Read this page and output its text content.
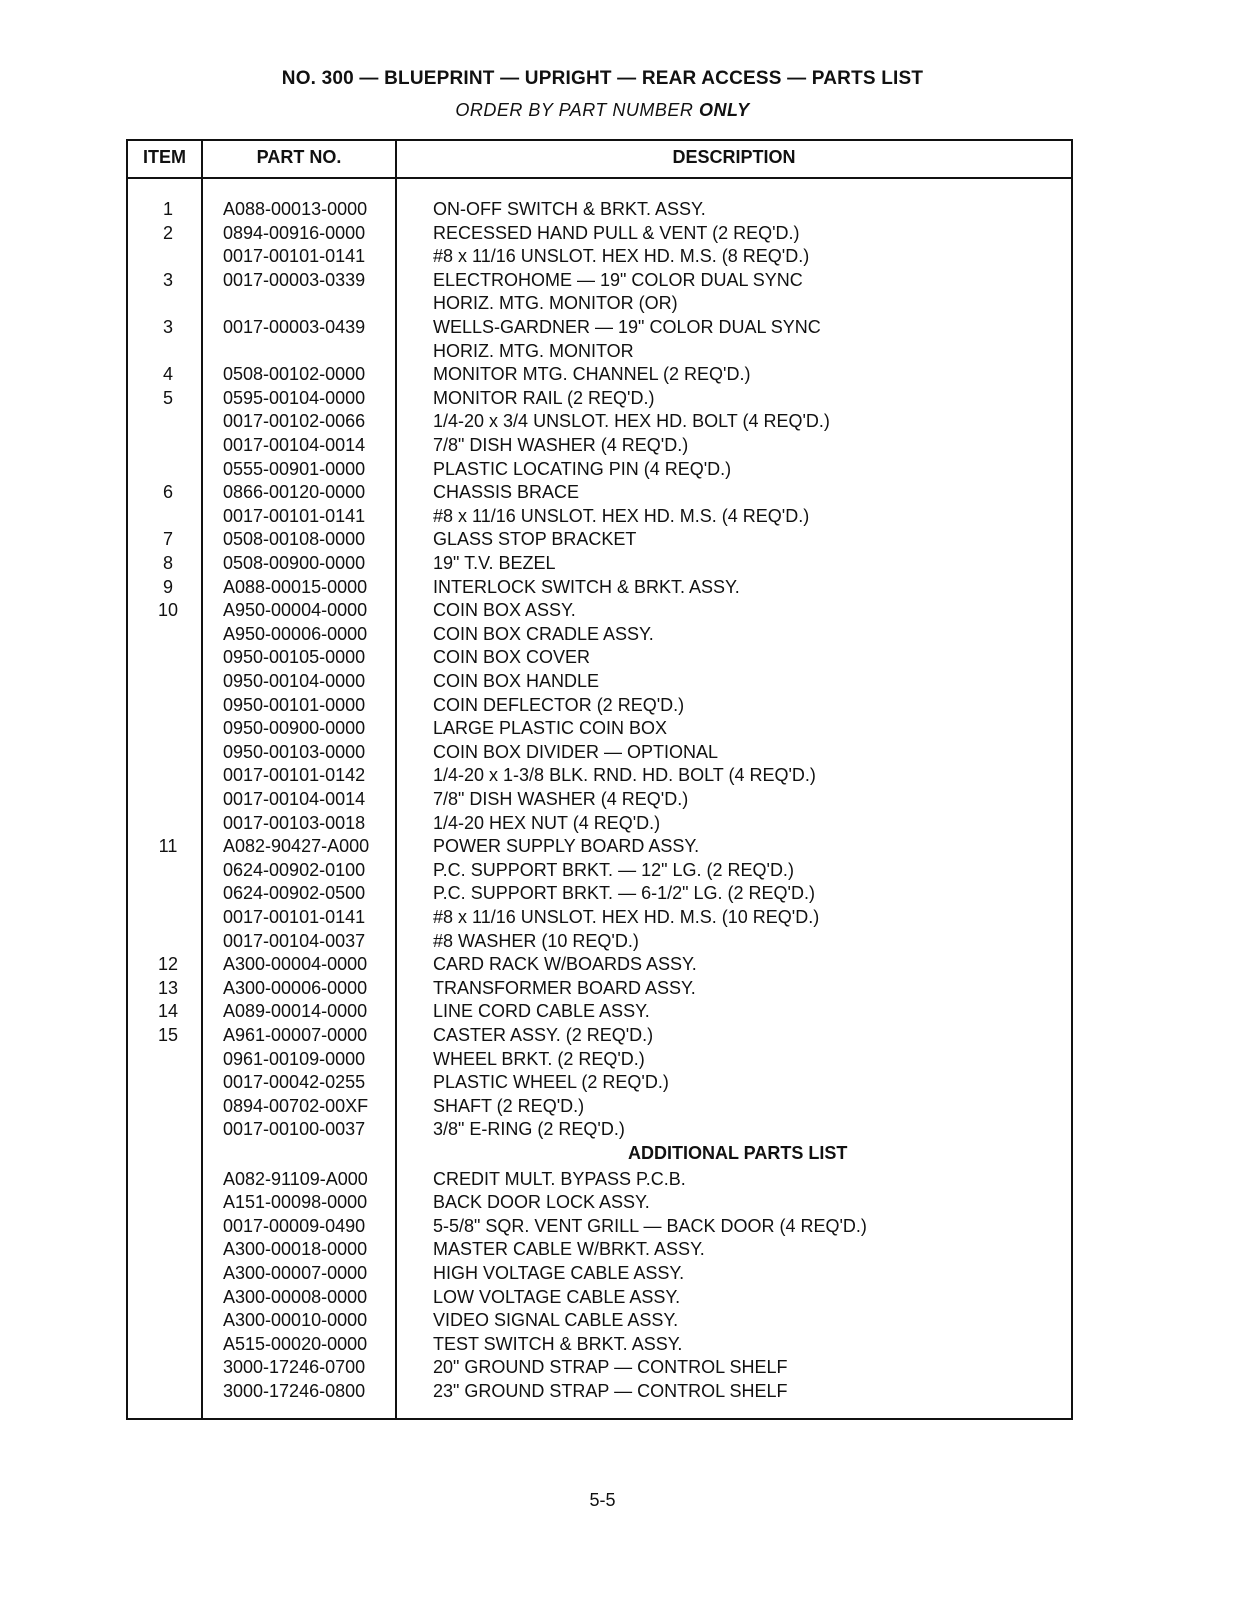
NO. 300 — BLUEPRINT — UPRIGHT — REAR ACCESS — PARTS LIST
ORDER BY PART NUMBER ONLY
ITEM	PART NO.	DESCRIPTION
1	A088-00013-0000	ON-OFF SWITCH & BRKT. ASSY.
2	0894-00916-0000	RECESSED HAND PULL & VENT (2 REQ'D.)
0017-00101-0141	#8 x 11/16 UNSLOT. HEX HD. M.S. (8 REQ'D.)
3	0017-00003-0339	ELECTROHOME — 19" COLOR DUAL SYNC
HORIZ. MTG. MONITOR (OR)
3	0017-00003-0439	WELLS-GARDNER — 19" COLOR DUAL SYNC
HORIZ. MTG. MONITOR
4	0508-00102-0000	MONITOR MTG. CHANNEL (2 REQ'D.)
5	0595-00104-0000	MONITOR RAIL (2 REQ'D.)
0017-00102-0066	1/4-20 x 3/4 UNSLOT. HEX HD. BOLT (4 REQ'D.)
0017-00104-0014	7/8" DISH WASHER (4 REQ'D.)
0555-00901-0000	PLASTIC LOCATING PIN (4 REQ'D.)
6	0866-00120-0000	CHASSIS BRACE
0017-00101-0141	#8 x 11/16 UNSLOT. HEX HD. M.S. (4 REQ'D.)
7	0508-00108-0000	GLASS STOP BRACKET
8	0508-00900-0000	19" T.V. BEZEL
9	A088-00015-0000	INTERLOCK SWITCH & BRKT. ASSY.
10	A950-00004-0000	COIN BOX ASSY.
A950-00006-0000	COIN BOX CRADLE ASSY.
0950-00105-0000	COIN BOX COVER
0950-00104-0000	COIN BOX HANDLE
0950-00101-0000	COIN DEFLECTOR (2 REQ'D.)
0950-00900-0000	LARGE PLASTIC COIN BOX
0950-00103-0000	COIN BOX DIVIDER — OPTIONAL
0017-00101-0142	1/4-20 x 1-3/8 BLK. RND. HD. BOLT (4 REQ'D.)
0017-00104-0014	7/8" DISH WASHER (4 REQ'D.)
0017-00103-0018	1/4-20 HEX NUT (4 REQ'D.)
11	A082-90427-A000	POWER SUPPLY BOARD ASSY.
0624-00902-0100	P.C. SUPPORT BRKT. — 12" LG. (2 REQ'D.)
0624-00902-0500	P.C. SUPPORT BRKT. — 6-1/2" LG. (2 REQ'D.)
0017-00101-0141	#8 x 11/16 UNSLOT. HEX HD. M.S. (10 REQ'D.)
0017-00104-0037	#8 WASHER (10 REQ'D.)
12	A300-00004-0000	CARD RACK W/BOARDS ASSY.
13	A300-00006-0000	TRANSFORMER BOARD ASSY.
14	A089-00014-0000	LINE CORD CABLE ASSY.
15	A961-00007-0000	CASTER ASSY. (2 REQ'D.)
0961-00109-0000	WHEEL BRKT. (2 REQ'D.)
0017-00042-0255	PLASTIC WHEEL (2 REQ'D.)
0894-00702-00XF	SHAFT (2 REQ'D.)
0017-00100-0037	3/8" E-RING (2 REQ'D.)
ADDITIONAL PARTS LIST
A082-91109-A000	CREDIT MULT. BYPASS P.C.B.
A151-00098-0000	BACK DOOR LOCK ASSY.
0017-00009-0490	5-5/8" SQR. VENT GRILL — BACK DOOR (4 REQ'D.)
A300-00018-0000	MASTER CABLE W/BRKT. ASSY.
A300-00007-0000	HIGH VOLTAGE CABLE ASSY.
A300-00008-0000	LOW VOLTAGE CABLE ASSY.
A300-00010-0000	VIDEO SIGNAL CABLE ASSY.
A515-00020-0000	TEST SWITCH & BRKT. ASSY.
3000-17246-0700	20" GROUND STRAP — CONTROL SHELF
3000-17246-0800	23" GROUND STRAP — CONTROL SHELF
5-5
